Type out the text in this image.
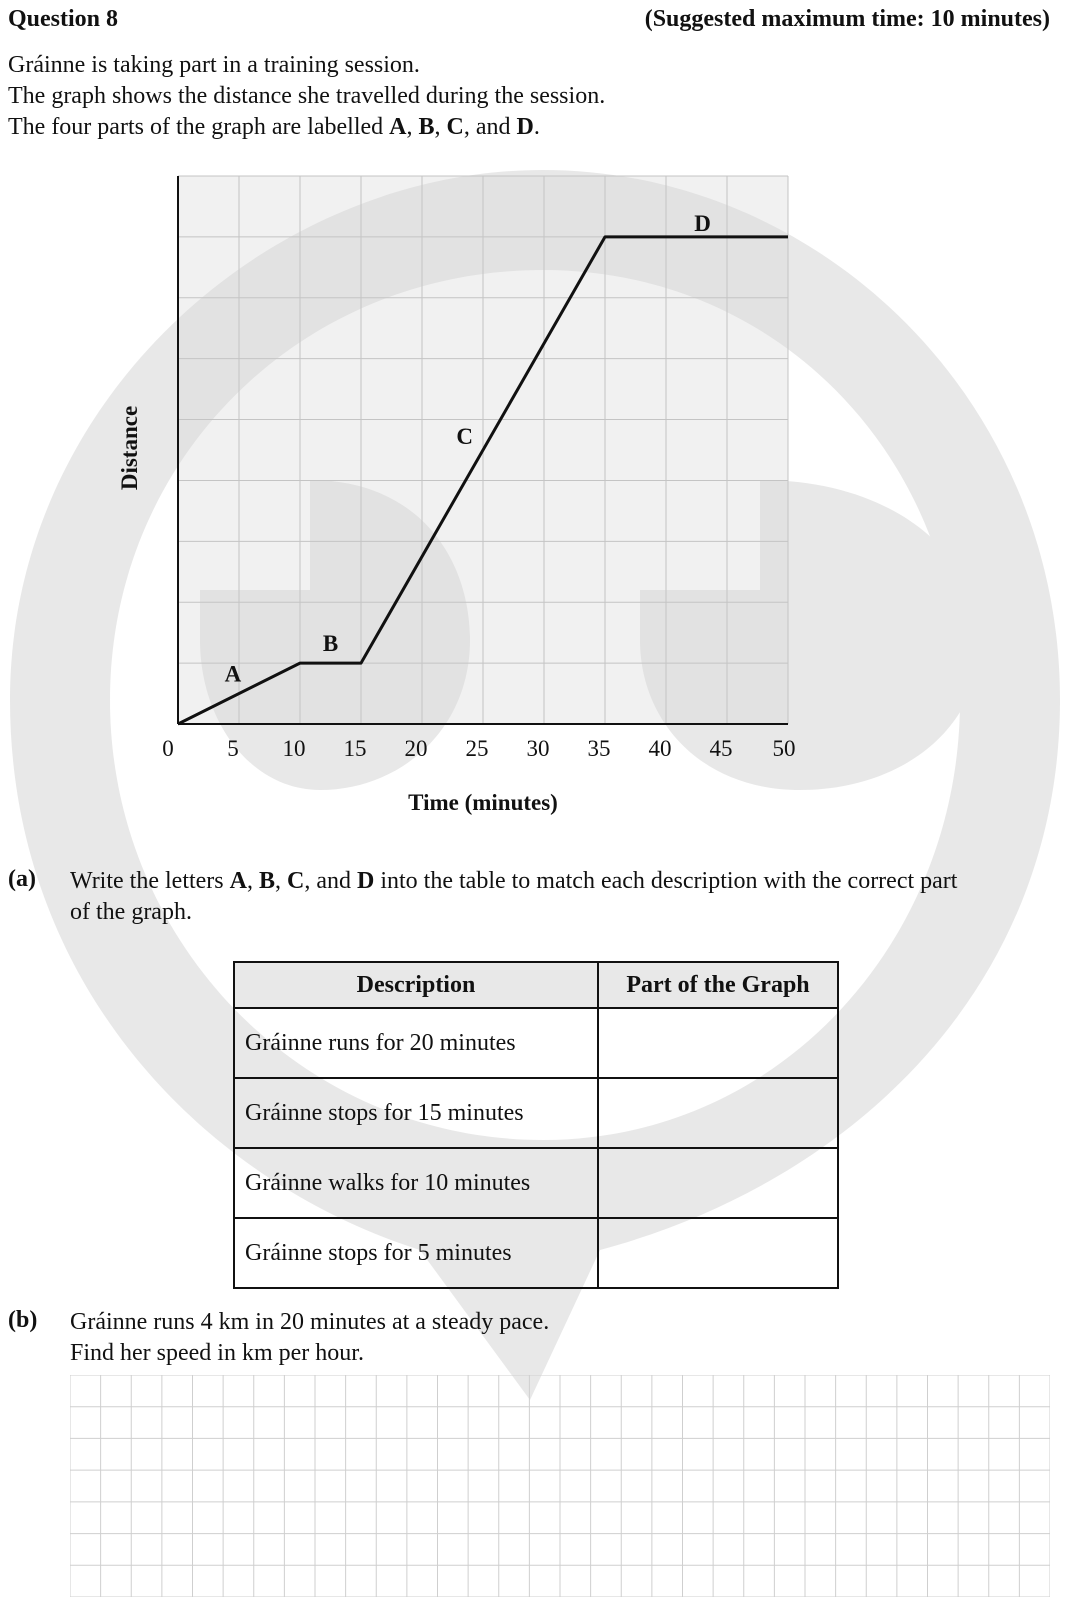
Question 8	(Suggested maximum time: 10 minutes)
Gráinne is taking part in a training session.
The graph shows the distance she travelled during the session.
The four parts of the graph are labelled A, B, C, and D.
0 5 10 15 20 25 30 35 40 45 50
Time (minutes)
Distance
A
B
C
D
(a) Write the letters A, B, C, and D into the table to match each description with the correct part
of the graph.
Description	Part of the Graph
Gráinne runs for 20 minutes	
Gráinne stops for 15 minutes	
Gráinne walks for 10 minutes	
Gráinne stops for 5 minutes	
(b) Gráinne runs 4 km in 20 minutes at a steady pace.
Find her speed in km per hour.
